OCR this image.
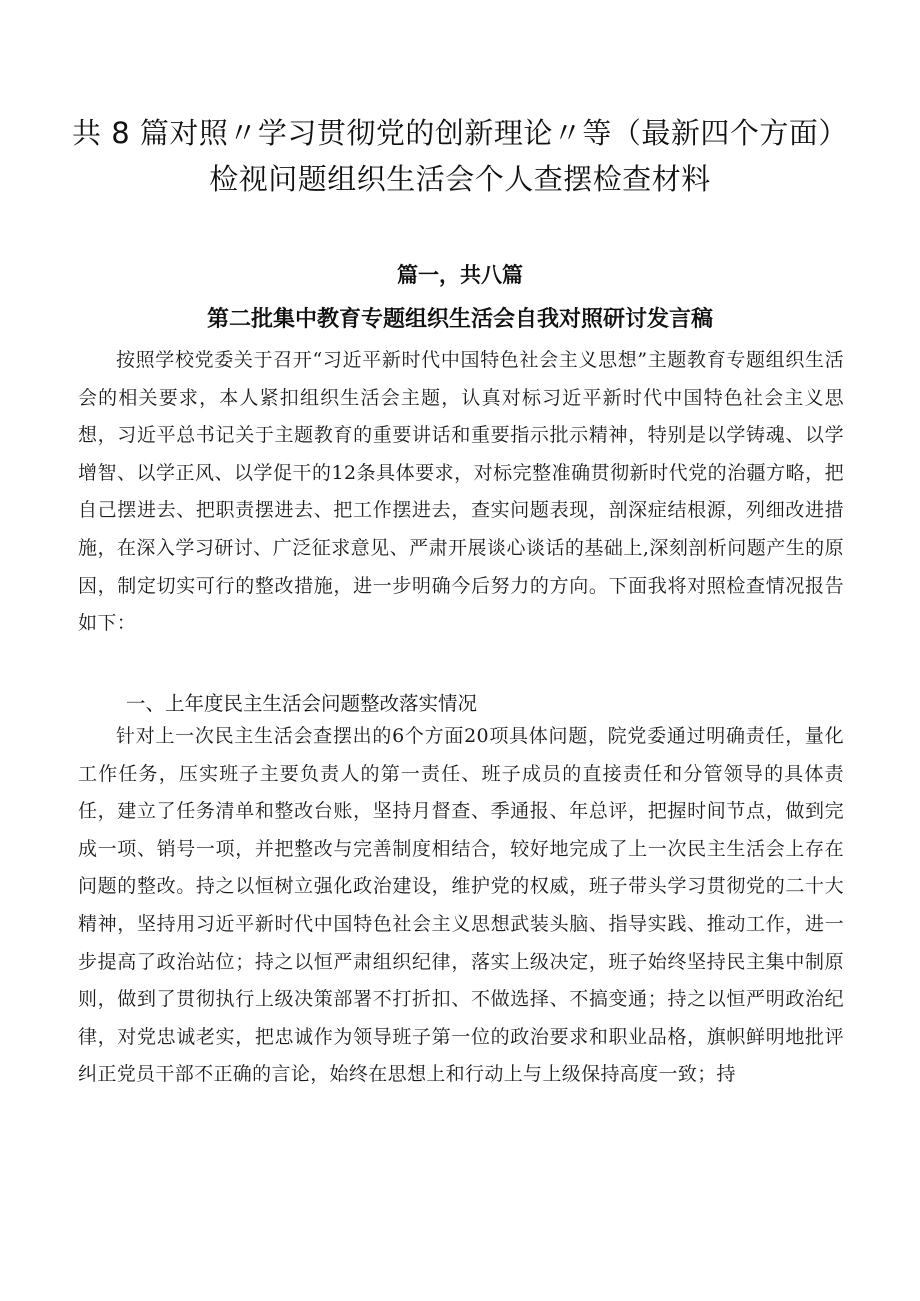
共 8 篇对照〃学习贯彻党的创新理论〃等（最新四个方面）检视问题组织生活会个人查摆检查材料
篇一，共八篇
第二批集中教育专题组织生活会自我对照研讨发言稿

按照学校党委关于召开“习近平新时代中国特色社会主义思想”主题教育专题组织生活会的相关要求，本人紧扣组织生活会主题，认真对标习近平新时代中国特色社会主义思想，习近平总书记关于主题教育的重要讲话和重要指示批示精神，特别是以学铸魂、以学增智、以学正风、以学促干的12条具体要求，对标完整准确贯彻新时代党的治疆方略，把自己摆进去、把职责摆进去、把工作摆进去，查实问题表现，剖深症结根源，列细改进措施，在深入学习研讨、广泛征求意见、严肃开展谈心谈话的基础上,深刻剖析问题产生的原因，制定切实可行的整改措施，进一步明确今后努力的方向。下面我将对照检查情况报告如下：

一、上年度民主生活会问题整改落实情况

针对上一次民主生活会查摆出的6个方面20项具体问题，院党委通过明确责任，量化工作任务，压实班子主要负责人的第一责任、班子成员的直接责任和分管领导的具体责任，建立了任务清单和整改台账，坚持月督查、季通报、年总评，把握时间节点，做到完成一项、销号一项，并把整改与完善制度相结合，较好地完成了上一次民主生活会上存在问题的整改。持之以恒树立强化政治建设，维护党的权威，班子带头学习贯彻党的二十大精神，坚持用习近平新时代中国特色社会主义思想武装头脑、指导实践、推动工作，进一步提高了政治站位；持之以恒严肃组织纪律，落实上级决定，班子始终坚持民主集中制原则，做到了贯彻执行上级决策部署不打折扣、不做选择、不搞变通；持之以恒严明政治纪律，对党忠诚老实，把忠诚作为领导班子第一位的政治要求和职业品格，旗帜鲜明地批评纠正党员干部不正确的言论，始终在思想上和行动上与上级保持高度一致；持
